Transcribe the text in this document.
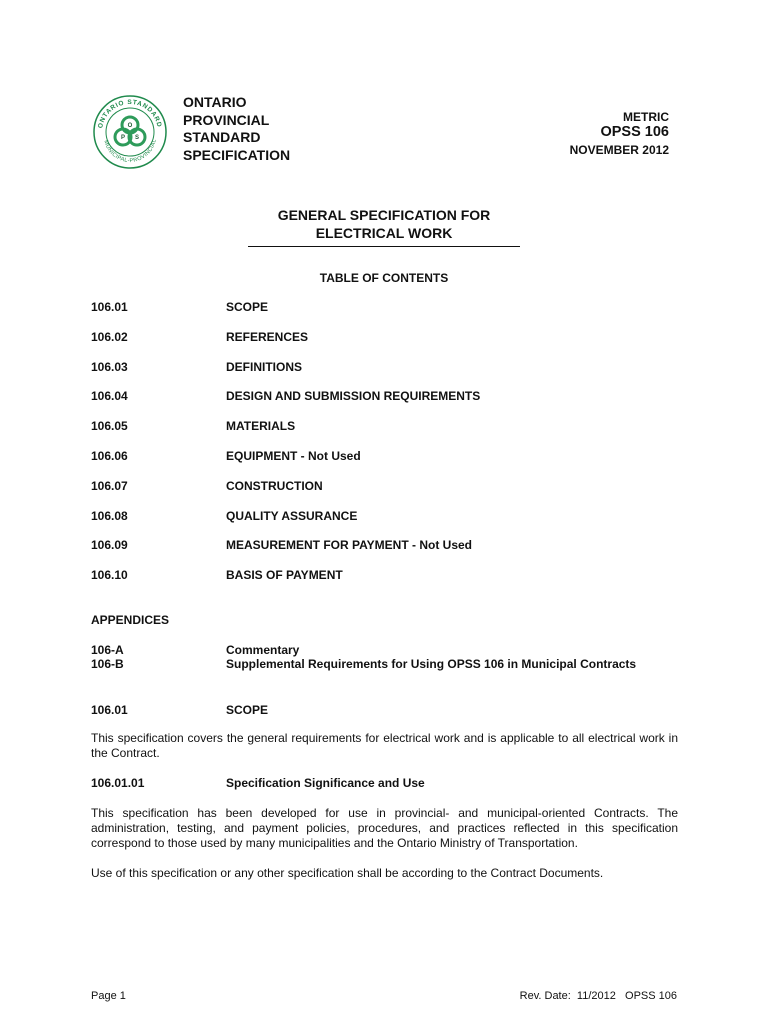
ONTARIO STANDARD
MUNICIPAL-PROVINCIAL
O
P S
ONTARIO
PROVINCIAL
STANDARD
SPECIFICATION
METRIC
OPSS 106
NOVEMBER 2012
GENERAL SPECIFICATION FOR
ELECTRICAL WORK
TABLE OF CONTENTS
106.01	SCOPE
106.02	REFERENCES
106.03	DEFINITIONS
106.04	DESIGN AND SUBMISSION REQUIREMENTS
106.05	MATERIALS
106.06	EQUIPMENT - Not Used
106.07	CONSTRUCTION
106.08	QUALITY ASSURANCE
106.09	MEASUREMENT FOR PAYMENT - Not Used
106.10	BASIS OF PAYMENT
APPENDICES
106-A	Commentary
106-B	Supplemental Requirements for Using OPSS 106 in Municipal Contracts
106.01	SCOPE
This specification covers the general requirements for electrical work and is applicable to all electrical work in the Contract.
106.01.01	Specification Significance and Use
This specification has been developed for use in provincial- and municipal-oriented Contracts. The administration, testing, and payment policies, procedures, and practices reflected in this specification correspond to those used by many municipalities and the Ontario Ministry of Transportation.
Use of this specification or any other specification shall be according to the Contract Documents.
Page 1	Rev. Date:  11/2012   OPSS 106
